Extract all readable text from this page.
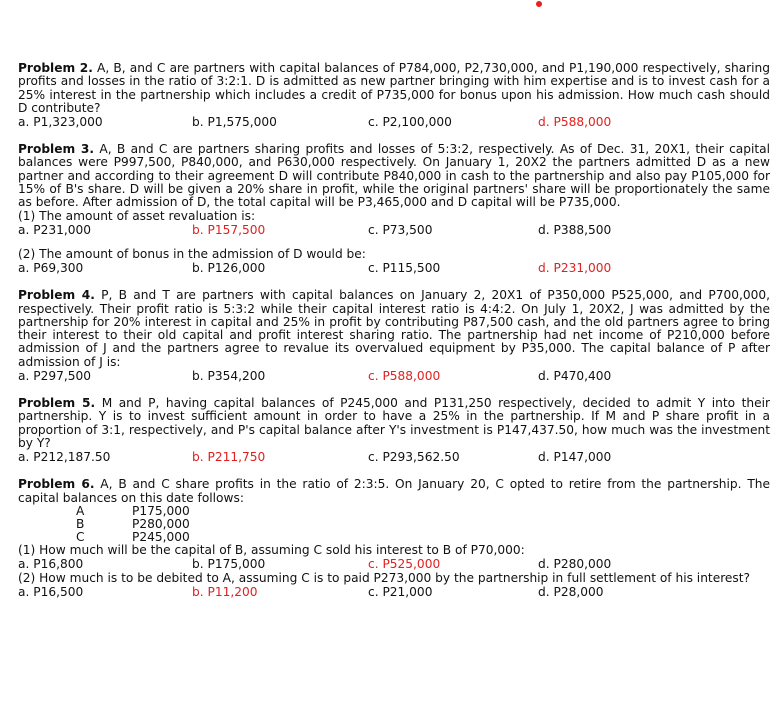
Problem 2. A, B, and C are partners with capital balances of P784,000, P2,730,000, and P1,190,000 respectively, sharing profits and losses in the ratio of 3:2:1. D is admitted as new partner bringing with him expertise and is to invest cash for a 25% interest in the partnership which includes a credit of P735,000 for bonus upon his admission. How much cash should D contribute?

a. P1,323,000	b. P1,575,000	c. P2,100,000	d. P588,000

Problem 3. A, B and C are partners sharing profits and losses of 5:3:2, respectively. As of Dec. 31, 20X1, their capital balances were P997,500, P840,000, and P630,000 respectively. On January 1, 20X2 the partners admitted D as a new partner and according to their agreement D will contribute P840,000 in cash to the partnership and also pay P105,000 for 15% of B's share. D will be given a 20% share in profit, while the original partners' share will be proportionately the same as before. After admission of D, the total capital will be P3,465,000 and D capital will be P735,000.

(1) The amount of asset revaluation is:

a. P231,000	b. P157,500	c. P73,500	d. P388,500

(2) The amount of bonus in the admission of D would be:

a. P69,300	b. P126,000	c. P115,500	d. P231,000

Problem 4. P, B and T are partners with capital balances on January 2, 20X1 of P350,000 P525,000, and P700,000, respectively. Their profit ratio is 5:3:2 while their capital interest ratio is 4:4:2. On July 1, 20X2, J was admitted by the partnership for 20% interest in capital and 25% in profit by contributing P87,500 cash, and the old partners agree to bring their interest to their old capital and profit interest sharing ratio. The partnership had net income of P210,000 before admission of J and the partners agree to revalue its overvalued equipment by P35,000. The capital balance of P after admission of J is:

a. P297,500	b. P354,200	c. P588,000	d. P470,400

Problem 5. M and P, having capital balances of P245,000 and P131,250 respectively, decided to admit Y into their partnership. Y is to invest sufficient amount in order to have a 25% in the partnership. If M and P share profit in a proportion of 3:1, respectively, and P's capital balance after Y's investment is P147,437.50, how much was the investment by Y?

a. P212,187.50	b. P211,750	c. P293,562.50	d. P147,000

Problem 6. A, B and C share profits in the ratio of 2:3:5. On January 20, C opted to retire from the partnership. The capital balances on this date follows:

A	P175,000
B	P280,000
C	P245,000

(1) How much will be the capital of B, assuming C sold his interest to B of P70,000:

a. P16,800	b. P175,000	c. P525,000	d. P280,000

(2) How much is to be debited to A, assuming C is to paid P273,000 by the partnership in full settlement of his interest?

a. P16,500	b. P11,200	c. P21,000	d. P28,000
